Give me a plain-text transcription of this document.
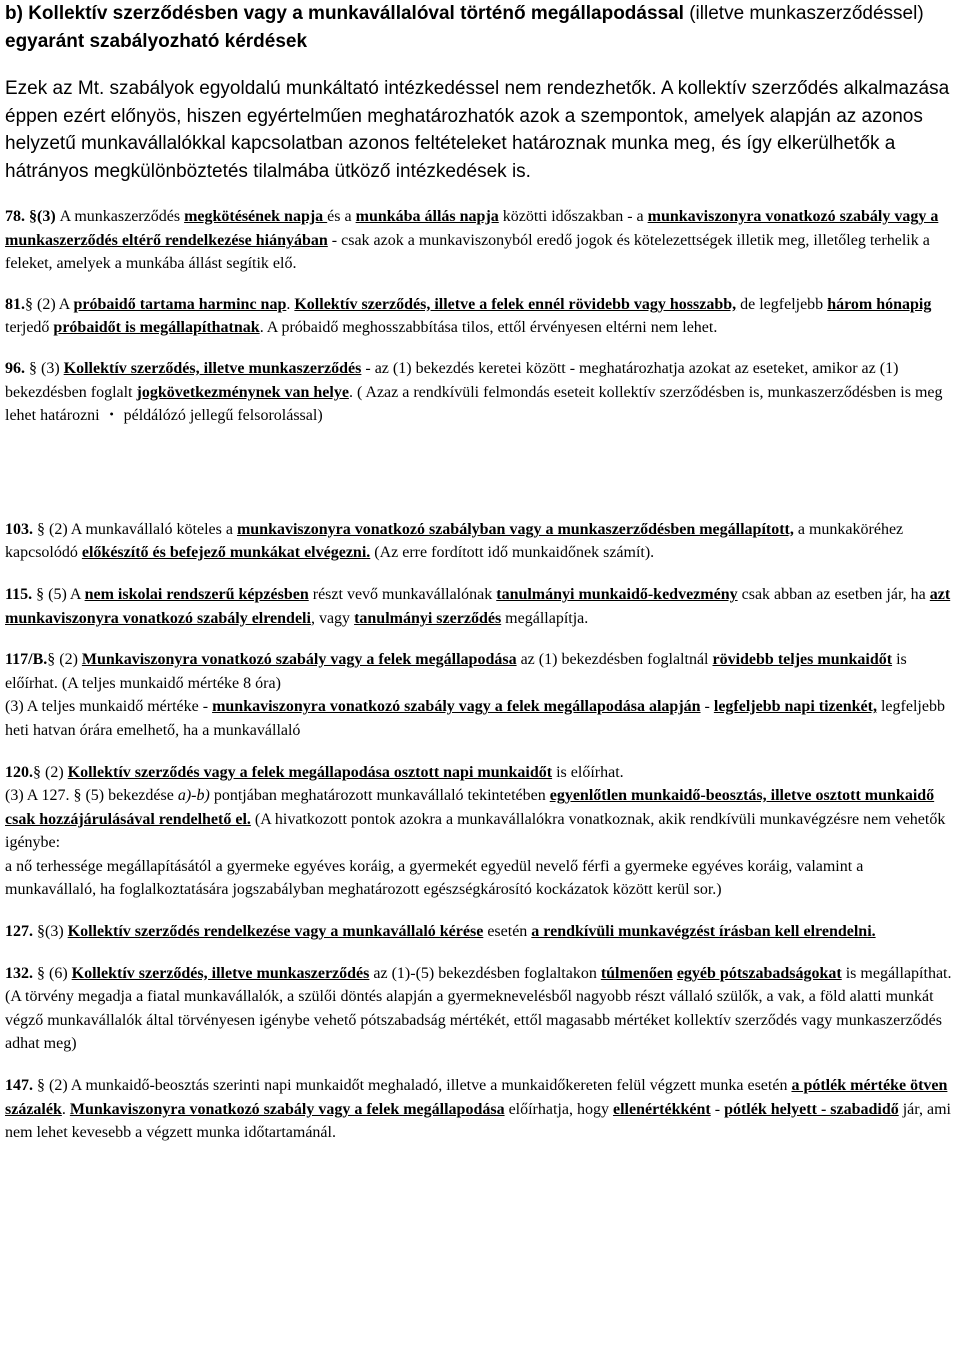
b) Kollektív szerződésben vagy a munkavállalóval történő megállapodással (illetve munkaszerződéssel) egyaránt szabályozható kérdések

Ezek az Mt. szabályok egyoldalú munkáltató intézkedéssel nem rendezhetők. A kollektív szerződés alkalmazása éppen ezért előnyös, hiszen egyértelműen meghatározhatók azok a szempontok, amelyek alapján az azonos helyzetű munkavállalókkal kapcsolatban azonos feltételeket határoznak munka meg, és így elkerülhetők a hátrányos megkülönböztetés tilalmába ütköző intézkedések is.

78. §(3) A munkaszerződés megkötésének napja és a munkába állás napja közötti időszakban - a munkaviszonyra vonatkozó szabály vagy a munkaszerződés eltérő rendelkezése hiányában - csak azok a munkaviszonyból eredő jogok és kötelezettségek illetik meg, illetőleg terhelik a feleket, amelyek a munkába állást segítik elő.

81.§ (2) A próbaidő tartama harminc nap. Kollektív szerződés, illetve a felek ennél rövidebb vagy hosszabb, de legfeljebb három hónapig terjedő próbaidőt is megállapíthatnak. A próbaidő meghosszabbítása tilos, ettől érvényesen eltérni nem lehet.

96. § (3) Kollektív szerződés, illetve munkaszerződés - az (1) bekezdés keretei között - meghatározhatja azokat az eseteket, amikor az (1) bekezdésben foglalt jogkövetkezménynek van helye. ( Azaz a rendkívüli felmondás eseteit kollektív szerződésben is, munkaszerződésben is meg lehet határozni ・ példálózó jellegű felsorolással)

103. § (2) A munkavállaló köteles a munkaviszonyra vonatkozó szabályban vagy a munkaszerződésben megállapított, a munkaköréhez kapcsolódó előkészítő és befejező munkákat elvégezni. (Az erre fordított idő munkaidőnek számít).

115. § (5) A nem iskolai rendszerű képzésben részt vevő munkavállalónak tanulmányi munkaidő-kedvezmény csak abban az esetben jár, ha azt munkaviszonyra vonatkozó szabály elrendeli, vagy tanulmányi szerződés megállapítja.

117/B.§ (2) Munkaviszonyra vonatkozó szabály vagy a felek megállapodása az (1) bekezdésben foglaltnál rövidebb teljes munkaidőt is előírhat. (A teljes munkaidő mértéke 8 óra)
(3) A teljes munkaidő mértéke - munkaviszonyra vonatkozó szabály vagy a felek megállapodása alapján - legfeljebb napi tizenkét, legfeljebb heti hatvan órára emelhető, ha a munkavállaló

120.§ (2) Kollektív szerződés vagy a felek megállapodása osztott napi munkaidőt is előírhat.
(3) A 127. § (5) bekezdése a)-b) pontjában meghatározott munkavállaló tekintetében egyenlőtlen munkaidő-beosztás, illetve osztott munkaidő csak hozzájárulásával rendelhető el. (A hivatkozott pontok azokra a munkavállalókra vonatkoznak, akik rendkívüli munkavégzésre nem vehetők igénybe:
a nő terhessége megállapításától a gyermeke egyéves koráig, a gyermekét egyedül nevelő férfi a gyermeke egyéves koráig, valamint a munkavállaló, ha foglalkoztatására jogszabályban meghatározott egészségkárosító kockázatok között kerül sor.)

127. §(3) Kollektív szerződés rendelkezése vagy a munkavállaló kérése esetén a rendkívüli munkavégzést írásban kell elrendelni.

132. § (6) Kollektív szerződés, illetve munkaszerződés az (1)-(5) bekezdésben foglaltakon túlmenően egyéb pótszabadságokat is megállapíthat. (A törvény megadja a fiatal munkavállalók, a szülői döntés alapján a gyermeknevelésből nagyobb részt vállaló szülők, a vak, a föld alatti munkát végző munkavállalók által törvényesen igénybe vehető pótszabadság mértékét, ettől magasabb mértéket kollektív szerződés vagy munkaszerződés adhat meg)

147. § (2) A munkaidő-beosztás szerinti napi munkaidőt meghaladó, illetve a munkaidőkereten felül végzett munka esetén a pótlék mértéke ötven százalék. Munkaviszonyra vonatkozó szabály vagy a felek megállapodása előírhatja, hogy ellenértékként - pótlék helyett - szabadidő jár, ami nem lehet kevesebb a végzett munka időtartamánál.
